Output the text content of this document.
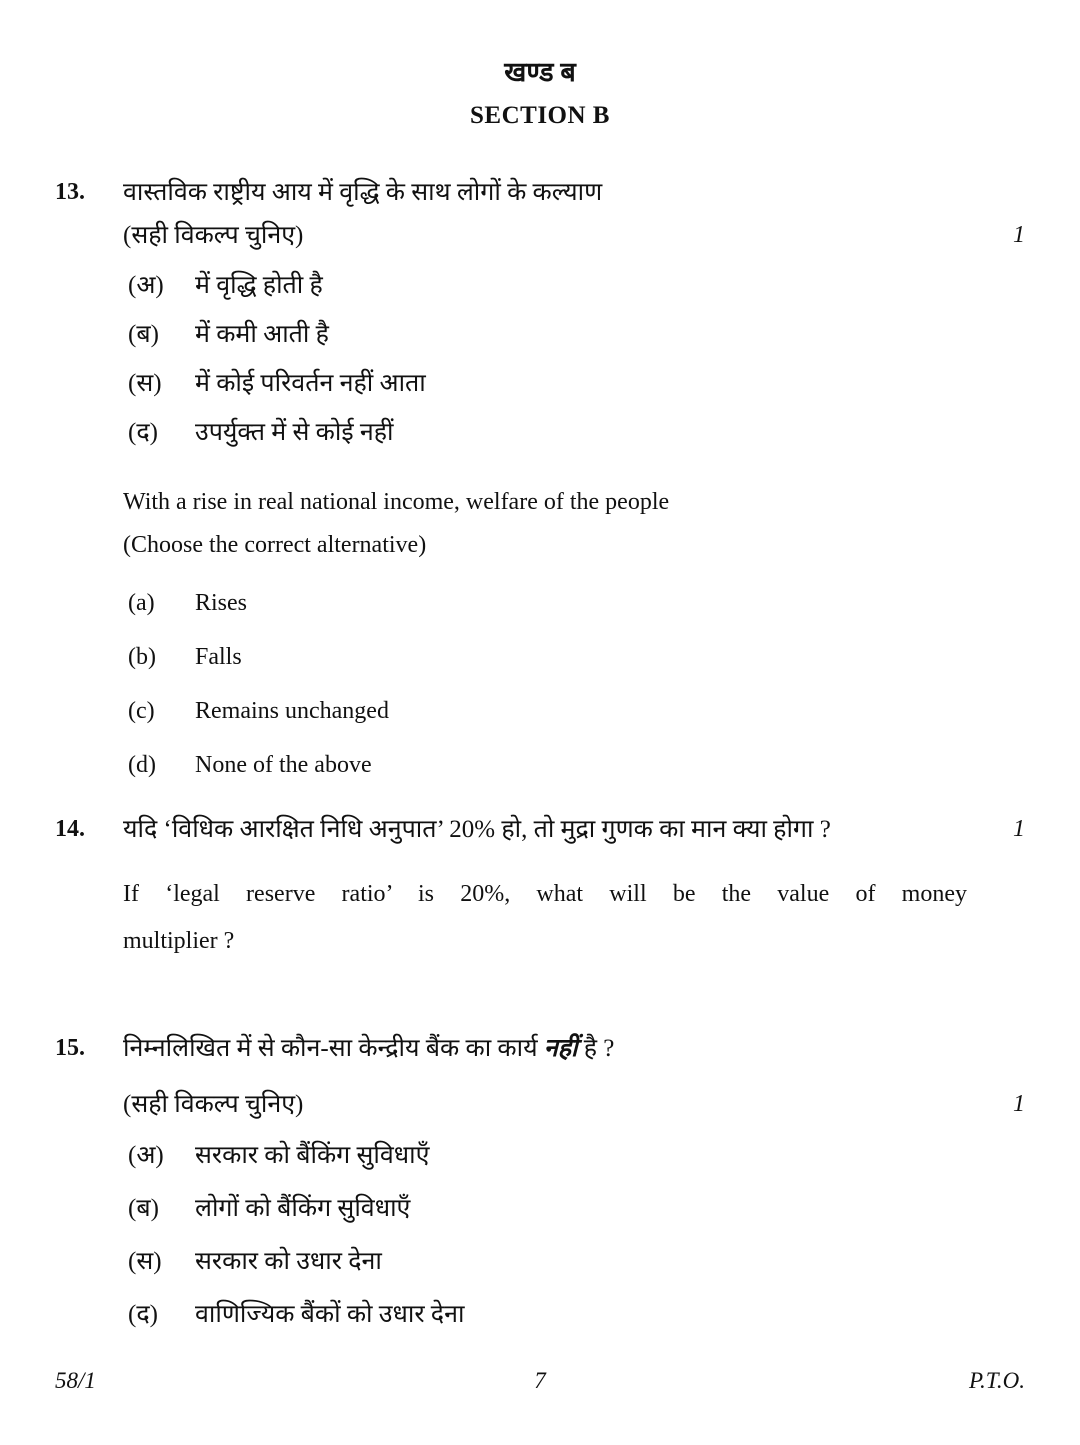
खण्ड ब
SECTION B
13.	वास्तविक राष्ट्रीय आय में वृद्धि के साथ लोगों के कल्याण
(सही विकल्प चुनिए)	1
(अ)	में वृद्धि होती है
(ब)	में कमी आती है
(स)	में कोई परिवर्तन नहीं आता
(द)	उपर्युक्त में से कोई नहीं
With a rise in real national income, welfare of the people
(Choose the correct alternative)
(a)	Rises
(b)	Falls
(c)	Remains unchanged
(d)	None of the above
14.	यदि ‘विधिक आरक्षित निधि अनुपात’ 20% हो, तो मुद्रा गुणक का मान क्या होगा ?	1
If ‘legal reserve ratio’ is 20%, what will be the value of money
multiplier ?
15.	निम्नलिखित में से कौन-सा केन्द्रीय बैंक का कार्य नहीं है ?
(सही विकल्प चुनिए)	1
(अ)	सरकार को बैंकिंग सुविधाएँ
(ब)	लोगों को बैंकिंग सुविधाएँ
(स)	सरकार को उधार देना
(द)	वाणिज्यिक बैंकों को उधार देना
58/1	7	P.T.O.
